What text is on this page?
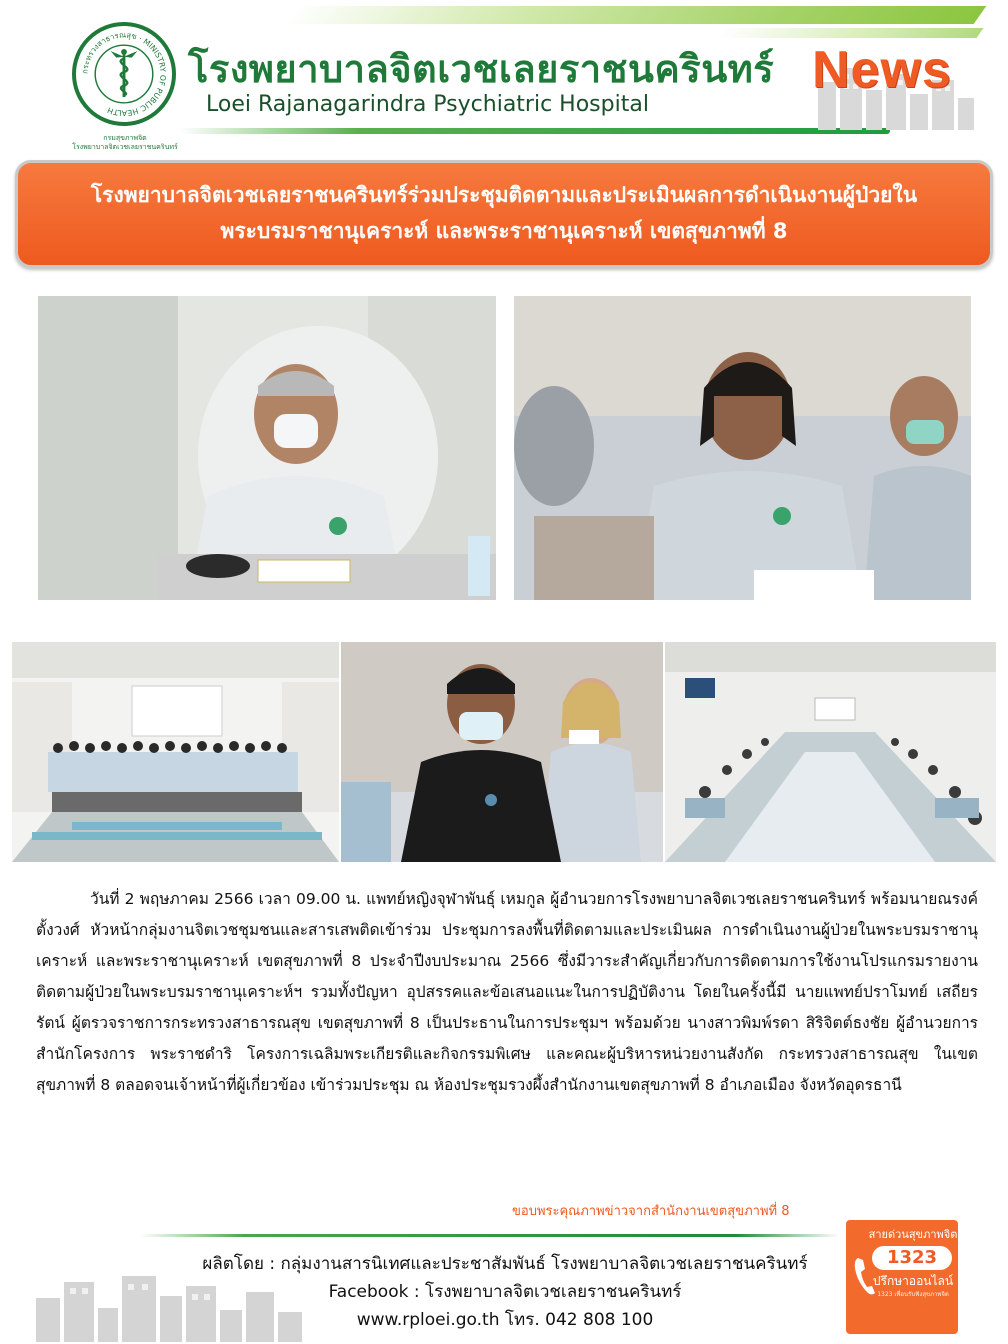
กระทรวงสาธารณสุข · MINISTRY OF PUBLIC HEALTH
กรมสุขภาพจิต
โรงพยาบาลจิตเวชเลยราชนครินทร์
โรงพยาบาลจิตเวชเลยราชนครินทร์
Loei Rajanagarindra Psychiatric Hospital
News
โรงพยาบาลจิตเวชเลยราชนครินทร์ร่วมประชุมติดตามและประเมินผลการดำเนินงานผู้ป่วยใน
พระบรมราชานุเคราะห์ และพระราชานุเคราะห์ เขตสุขภาพที่ 8
วันที่ 2 พฤษภาคม 2566 เวลา 09.00 น. แพทย์หญิงจุฬาพันธุ์ เหมกูล ผู้อำนวยการโรงพยาบาลจิตเวชเลยราชนครินทร์ พร้อมนายณรงค์ ตั้งวงศ์ หัวหน้ากลุ่มงานจิตเวชชุมชนและสารเสพติดเข้าร่วม ประชุมการลงพื้นที่ติดตามและประเมินผล การดำเนินงานผู้ป่วยในพระบรมราชานุเคราะห์ และพระราชานุเคราะห์ เขตสุขภาพที่ 8 ประจำปีงบประมาณ 2566 ซึ่งมีวาระสำคัญเกี่ยวกับการติดตามการใช้งานโปรแกรมรายงานติดตามผู้ป่วยในพระบรมราชานุเคราะห์ฯ รวมทั้งปัญหา อุปสรรคและข้อเสนอแนะในการปฏิบัติงาน โดยในครั้งนี้มี นายแพทย์ปราโมทย์ เสถียรรัตน์ ผู้ตรวจราชการกระทรวงสาธารณสุข เขตสุขภาพที่ 8 เป็นประธานในการประชุมฯ พร้อมด้วย นางสาวพิมพ์รดา สิริจิตต์ธงชัย ผู้อำนวยการสำนักโครงการ พระราชดำริ โครงการเฉลิมพระเกียรติและกิจกรรมพิเศษ และคณะผู้บริหารหน่วยงานสังกัด กระทรวงสาธารณสุข ในเขต สุขภาพที่ 8 ตลอดจนเจ้าหน้าที่ผู้เกี่ยวข้อง เข้าร่วมประชุม ณ ห้องประชุมรวงผึ้งสำนักงานเขตสุขภาพที่ 8 อำเภอเมือง จังหวัดอุดรธานี
ขอบพระคุณภาพข่าวจากสำนักงานเขตสุขภาพที่ 8
ผลิตโดย : กลุ่มงานสารนิเทศและประชาสัมพันธ์ โรงพยาบาลจิตเวชเลยราชนครินทร์
Facebook : โรงพยาบาลจิตเวชเลยราชนครินทร์
www.rploei.go.th โทร. 042 808 100
สายด่วนสุขภาพจิต
1323
ปรึกษาออนไลน์
1323 เพื่อนรับฟังสุขภาพจิต
